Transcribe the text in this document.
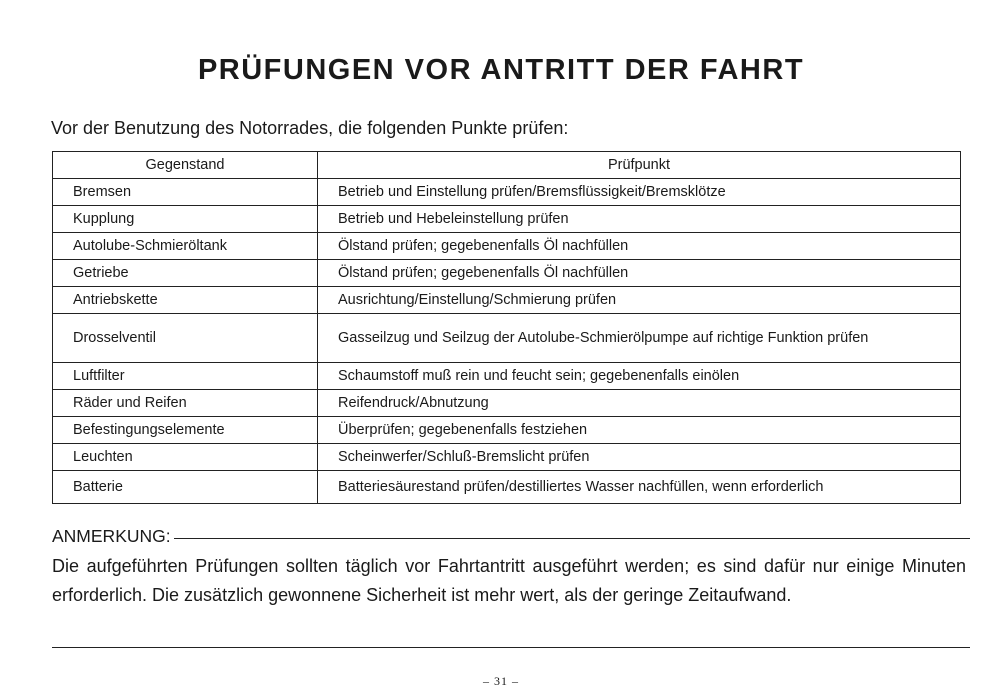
PRÜFUNGEN VOR ANTRITT DER FAHRT

Vor der Benutzung des Notorrades, die folgenden Punkte prüfen:

Gegenstand	Prüfpunkt
Bremsen	Betrieb und Einstellung prüfen/Bremsflüssigkeit/Bremsklötze
Kupplung	Betrieb und Hebeleinstellung prüfen
Autolube-Schmieröltank	Ölstand prüfen; gegebenenfalls Öl nachfüllen
Getriebe	Ölstand prüfen; gegebenenfalls Öl nachfüllen
Antriebskette	Ausrichtung/Einstellung/Schmierung prüfen
Drosselventil	Gasseilzug und Seilzug der Autolube-Schmierölpumpe auf richtige Funktion prüfen
Luftfilter	Schaumstoff muß rein und feucht sein; gegebenenfalls einölen
Räder und Reifen	Reifendruck/Abnutzung
Befestingungselemente	Überprüfen; gegebenenfalls festziehen
Leuchten	Scheinwerfer/Schluß-Bremslicht prüfen
Batterie	Batteriesäurestand prüfen/destilliertes Wasser nachfüllen, wenn erforderlich
ANMERKUNG:

Die aufgeführten Prüfungen sollten täglich vor Fahrtantritt ausgeführt werden; es sind dafür nur einige Minuten erforderlich. Die zusätzlich gewonnene Sicherheit ist mehr wert, als der geringe Zeitaufwand.

– 31 –
